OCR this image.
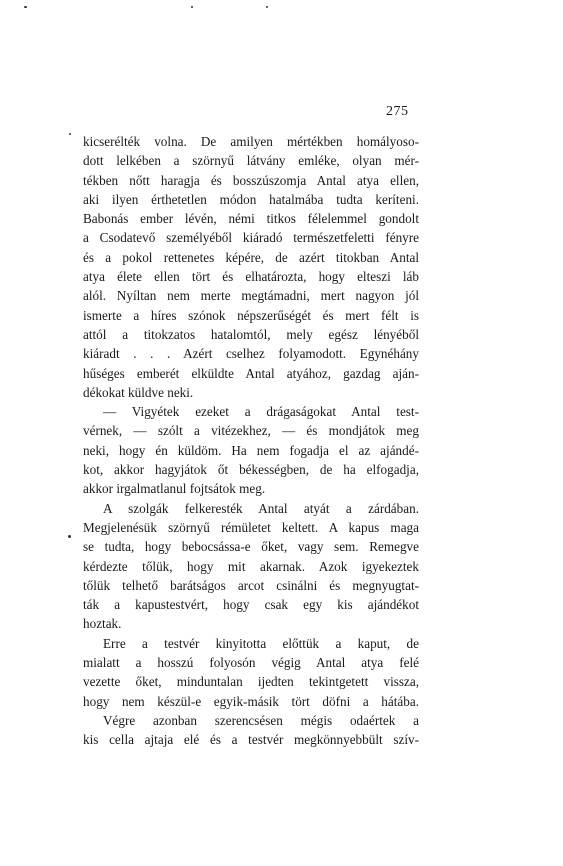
275
kicserélték volna. De amilyen mértékben homályoso-
dott lelkében a szörnyű látvány emléke, olyan mér-
tékben nőtt haragja és bosszúszomja Antal atya ellen,
aki ilyen érthetetlen módon hatalmába tudta keríteni.
Babonás ember lévén, némi titkos félelemmel gondolt
a Csodatevő személyéből kiáradó természetfeletti fényre
és a pokol rettenetes képére, de azért titokban Antal
atya élete ellen tört és elhatározta, hogy elteszi láb
alól. Nyíltan nem merte megtámadni, mert nagyon jól
ismerte a híres szónok népszerűségét és mert félt is
attól a titokzatos hatalomtól, mely egész lényéből
kiáradt . . . Azért cselhez folyamodott. Egynéhány
hűséges emberét elküldte Antal atyához, gazdag aján-
dékokat küldve neki.
— Vigyétek ezeket a drágaságokat Antal test-
vérnek, — szólt a vitézekhez, — és mondjátok meg
neki, hogy én küldöm. Ha nem fogadja el az ajándé-
kot, akkor hagyjátok őt békességben, de ha elfogadja,
akkor irgalmatlanul fojtsátok meg.
A szolgák felkeresték Antal atyát a zárdában.
Megjelenésük szörnyű rémületet keltett. A kapus maga
se tudta, hogy bebocsássa-e őket, vagy sem. Remegve
kérdezte tőlük, hogy mit akarnak. Azok igyekeztek
tőlük telhető barátságos arcot csinálni és megnyugtat-
ták a kapustestvért, hogy csak egy kis ajándékot
hoztak.
Erre a testvér kinyitotta előttük a kaput, de
mialatt a hosszú folyosón végig Antal atya felé
vezette őket, minduntalan ijedten tekintgetett vissza,
hogy nem készül-e egyik-másik tört döfni a hátába.
Végre azonban szerencsésen mégis odaértek a
kis cella ajtaja elé és a testvér megkönnyebbült szív-
